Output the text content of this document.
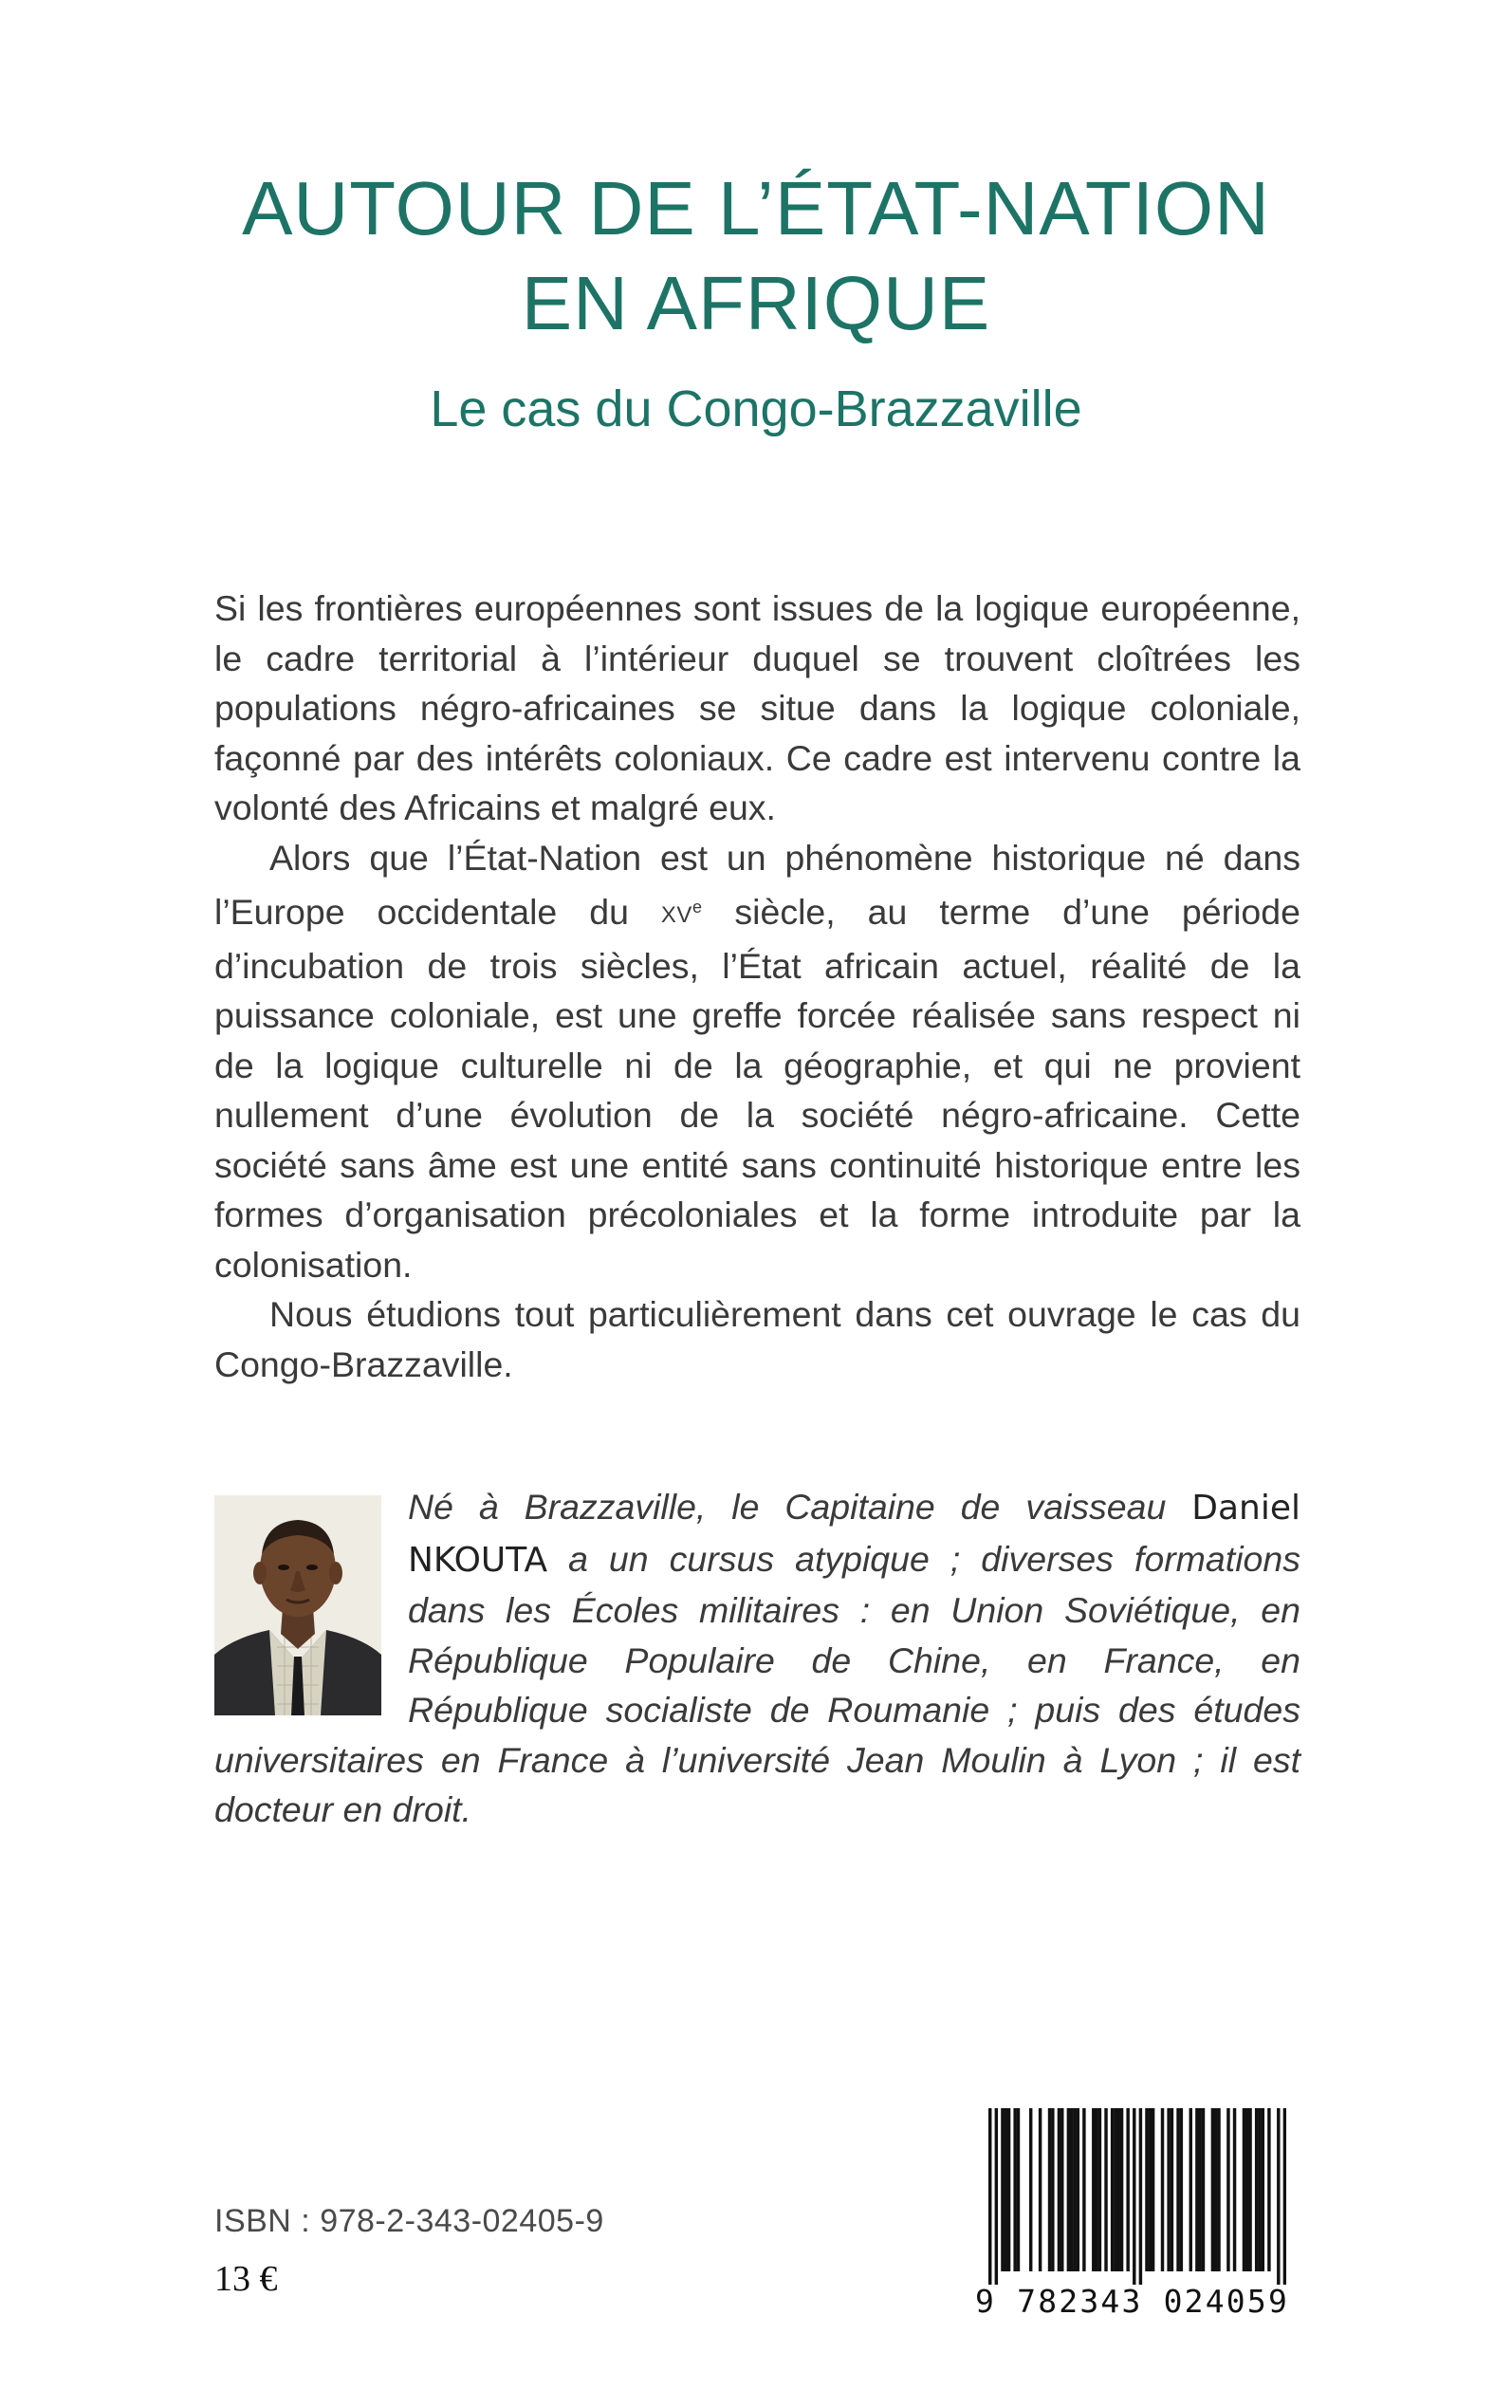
AUTOUR DE L’ÉTAT-NATION
EN AFRIQUE
Le cas du Congo-Brazzaville

Si les frontières européennes sont issues de la logique européenne, le cadre territorial à l’intérieur duquel se trouvent cloîtrées les populations négro-africaines se situe dans la logique coloniale, façonné par des intérêts coloniaux. Ce cadre est intervenu contre la volonté des Africains et malgré eux.

Alors que l’État-Nation est un phénomène historique né dans l’Europe occidentale du XVe siècle, au terme d’une période d’incubation de trois siècles, l’État africain actuel, réalité de la puissance coloniale, est une greffe forcée réalisée sans respect ni de la logique culturelle ni de la géographie, et qui ne provient nullement d’une évolution de la société négro-africaine. Cette société sans âme est une entité sans continuité historique entre les formes d’organisation précoloniales et la forme introduite par la colonisation.

Nous étudions tout particulièrement dans cet ouvrage le cas du Congo-Brazzaville.

Né à Brazzaville, le Capitaine de vaisseau Daniel NKOUTA a un cursus atypique ; diverses formations dans les Écoles militaires : en Union Soviétique, en République Populaire de Chine, en France, en République socialiste de Roumanie ; puis des études universitaires en France à l’université Jean Moulin à Lyon ; il est docteur en droit.
ISBN : 978-2-343-02405-9
13 €
9 782343 024059
